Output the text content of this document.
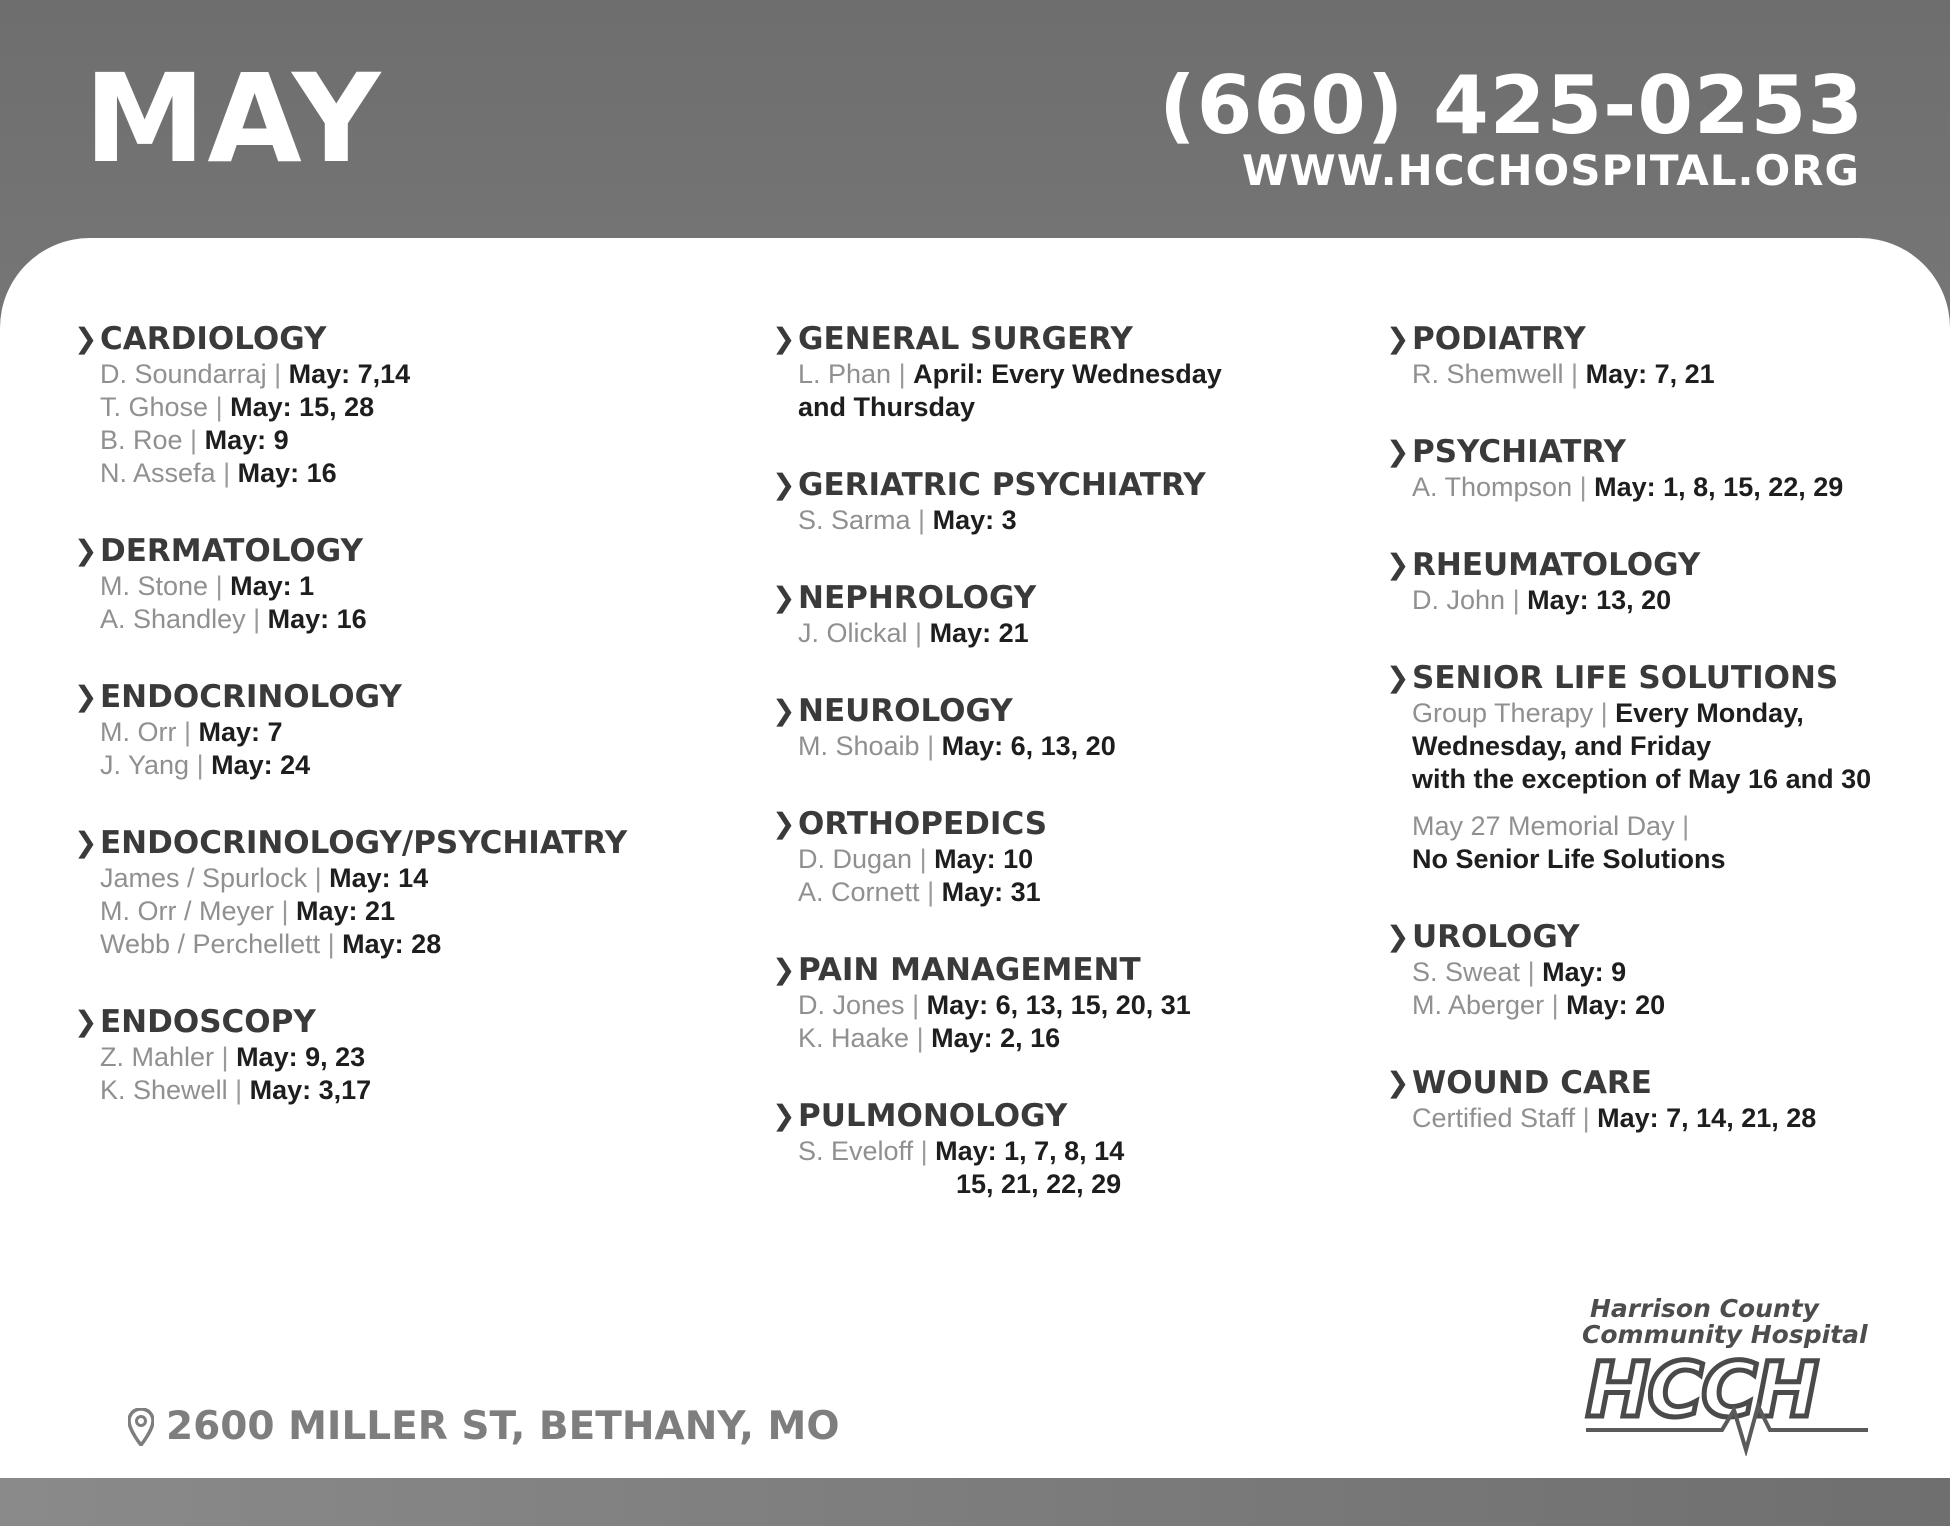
MAY	(660) 425-0253
WWW.HCCHOSPITAL.ORG
❯ CARDIOLOGY
D. Soundarraj | May: 7,14
T. Ghose | May: 15, 28
B. Roe | May: 9
N. Assefa | May: 16
❯ DERMATOLOGY
M. Stone | May: 1
A. Shandley | May: 16
❯ ENDOCRINOLOGY
M. Orr | May: 7
J. Yang | May: 24
❯ ENDOCRINOLOGY/PSYCHIATRY
James / Spurlock | May: 14
M. Orr / Meyer | May: 21
Webb / Perchellett | May: 28
❯ ENDOSCOPY
Z. Mahler | May: 9, 23
K. Shewell | May: 3,17
❯ GENERAL SURGERY
L. Phan | April: Every Wednesday
and Thursday
❯ GERIATRIC PSYCHIATRY
S. Sarma | May: 3
❯ NEPHROLOGY
J. Olickal | May: 21
❯ NEUROLOGY
M. Shoaib | May: 6, 13, 20
❯ ORTHOPEDICS
D. Dugan | May: 10
A. Cornett | May: 31
❯ PAIN MANAGEMENT
D. Jones | May: 6, 13, 15, 20, 31
K. Haake | May: 2, 16
❯ PULMONOLOGY
S. Eveloff | May: 1, 7, 8, 14
15, 21, 22, 29
❯ PODIATRY
R. Shemwell | May: 7, 21
❯ PSYCHIATRY
A. Thompson | May: 1, 8, 15, 22, 29
❯ RHEUMATOLOGY
D. John | May: 13, 20
❯ SENIOR LIFE SOLUTIONS
Group Therapy | Every Monday,
Wednesday, and Friday
with the exception of May 16 and 30
May 27 Memorial Day |
No Senior Life Solutions
❯ UROLOGY
S. Sweat | May: 9
M. Aberger | May: 20
❯ WOUND CARE
Certified Staff | May: 7, 14, 21, 28
2600 MILLER ST, BETHANY, MO
Harrison County
Community Hospital
HCCH
